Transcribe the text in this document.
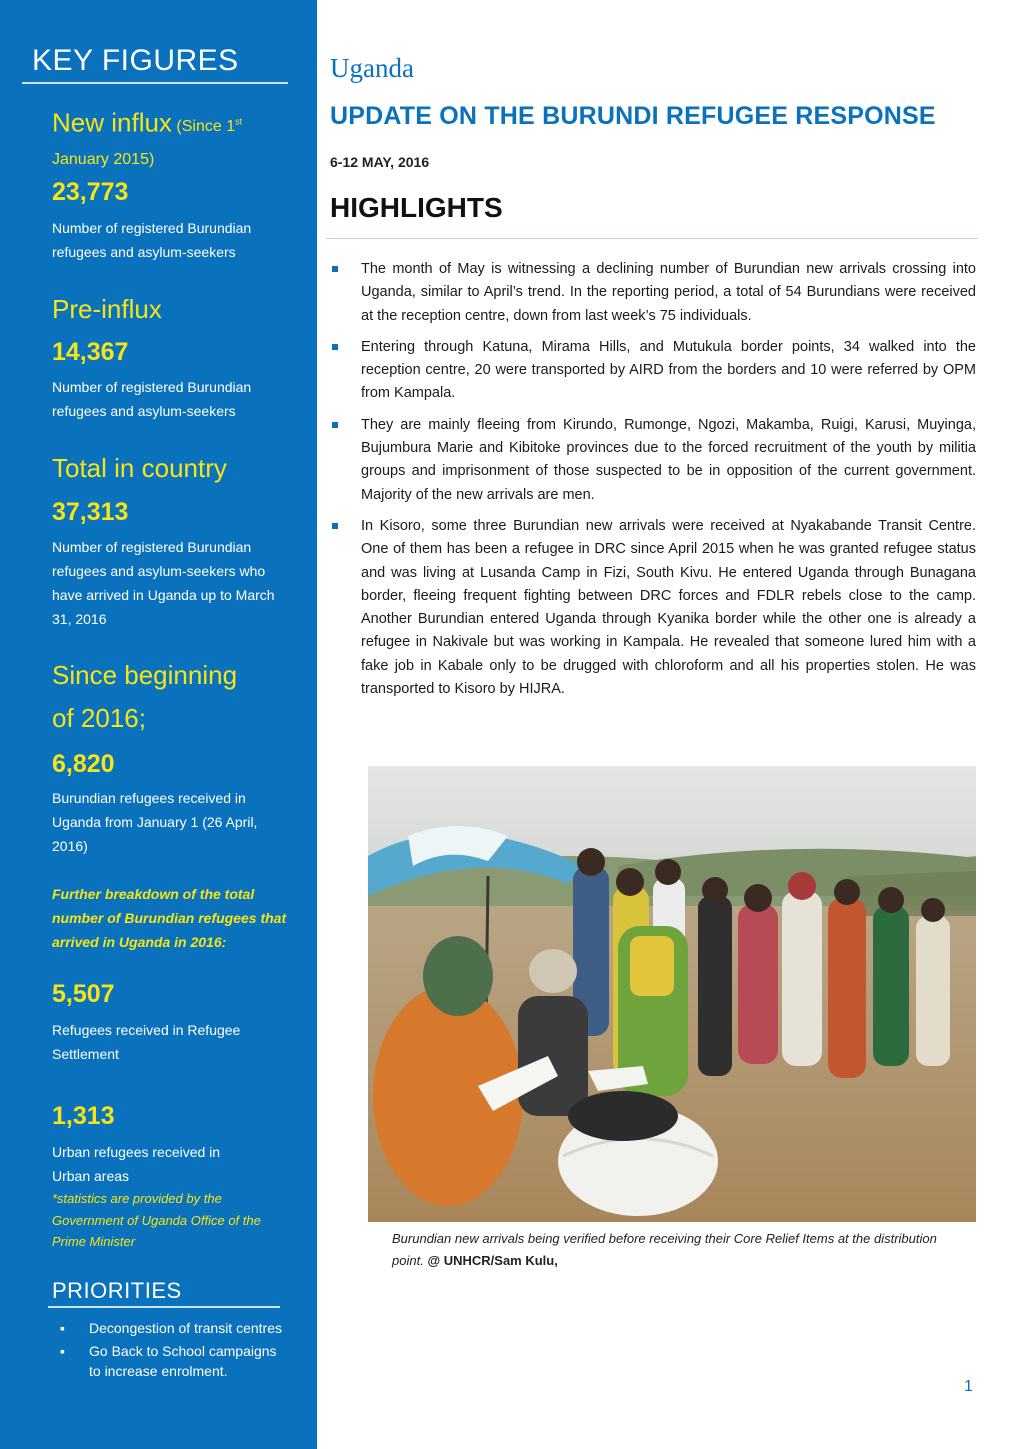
KEY FIGURES
New influx (Since 1st
January 2015)
23,773
Number of registered Burundian refugees and asylum-seekers
Pre-influx
14,367
Number of registered Burundian refugees and asylum-seekers
Total in country
37,313
Number of registered Burundian refugees and asylum-seekers who have arrived in Uganda up to March 31, 2016
Since beginning
of 2016;
6,820
Burundian refugees received in Uganda from January 1 (26 April, 2016)
Further breakdown of the total number of Burundian refugees that arrived in Uganda in 2016:
5,507
Refugees received in Refugee Settlement
1,313
Urban refugees received in Urban areas
*statistics are provided by the Government of Uganda Office of the Prime Minister
PRIORITIES
▪ Decongestion of transit centres
▪ Go Back to School campaigns to increase enrolment.
Uganda
UPDATE ON THE BURUNDI REFUGEE RESPONSE
6-12 MAY, 2016
HIGHLIGHTS
The month of May is witnessing a declining number of Burundian new arrivals crossing into Uganda, similar to April’s trend. In the reporting period, a total of 54 Burundians were received at the reception centre, down from last week’s 75 individuals.
Entering through Katuna, Mirama Hills, and Mutukula border points, 34 walked into the reception centre, 20 were transported by AIRD from the borders and 10 were referred by OPM from Kampala.
They are mainly fleeing from Kirundo, Rumonge, Ngozi, Makamba, Ruigi, Karusi, Muyinga, Bujumbura Marie and Kibitoke provinces due to the forced recruitment of the youth by militia groups and imprisonment of those suspected to be in opposition of the current government. Majority of the new arrivals are men.
In Kisoro, some three Burundian new arrivals were received at Nyakabande Transit Centre. One of them has been a refugee in DRC since April 2015 when he was granted refugee status and was living at Lusanda Camp in Fizi, South Kivu. He entered Uganda through Bunagana border, fleeing frequent fighting between DRC forces and FDLR rebels close to the camp. Another Burundian entered Uganda through Kyanika border while the other one is already a refugee in Nakivale but was working in Kampala. He revealed that someone lured him with a fake job in Kabale only to be drugged with chloroform and all his properties stolen. He was transported to Kisoro by HIJRA.
Burundian new arrivals being verified before receiving their Core Relief Items at the distribution point. @ UNHCR/Sam Kulu,
1
